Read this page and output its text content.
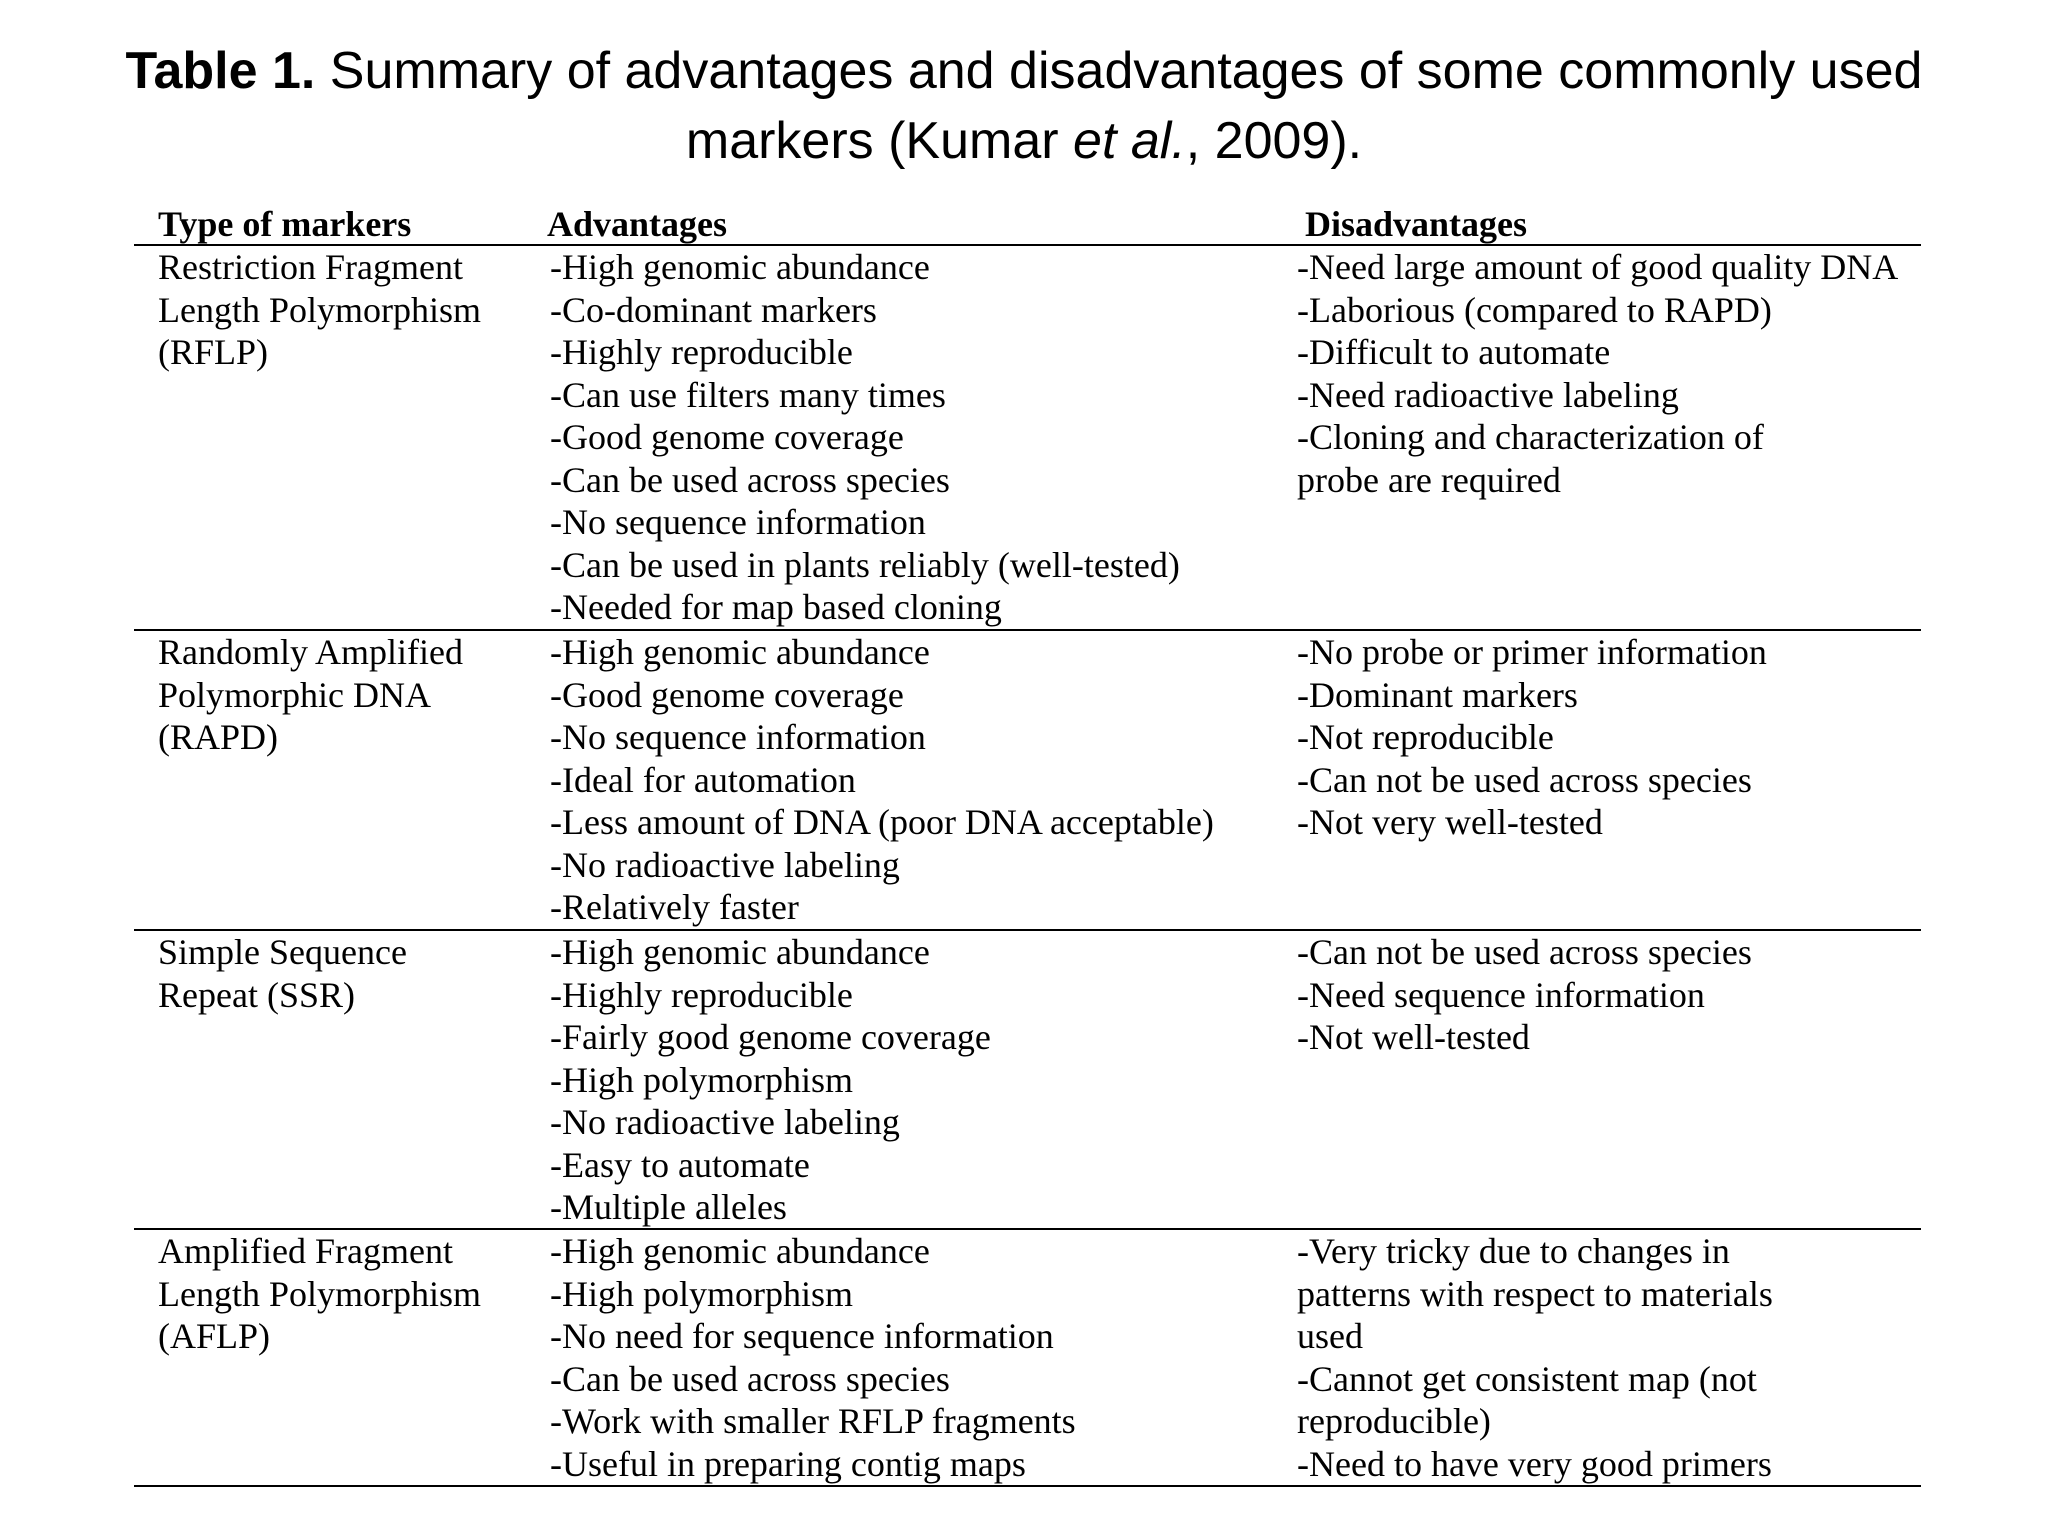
Table 1. Summary of advantages and disadvantages of some commonly used markers (Kumar et al., 2009).
Type of markers	Advantages	Disadvantages
Restriction Fragment
Length Polymorphism
(RFLP)
-High genomic abundance
-Co-dominant markers
-Highly reproducible
-Can use filters many times
-Good genome coverage
-Can be used across species
-No sequence information
-Can be used in plants reliably (well-tested)
-Needed for map based cloning
-Need large amount of good quality DNA
-Laborious (compared to RAPD)
-Difficult to automate
-Need radioactive labeling
-Cloning and characterization of
probe are required
Randomly Amplified
Polymorphic DNA
(RAPD)
-High genomic abundance
-Good genome coverage
-No sequence information
-Ideal for automation
-Less amount of DNA (poor DNA acceptable)
-No radioactive labeling
-Relatively faster
-No probe or primer information
-Dominant markers
-Not reproducible
-Can not be used across species
-Not very well-tested
Simple Sequence
Repeat (SSR)
-High genomic abundance
-Highly reproducible
-Fairly good genome coverage
-High polymorphism
-No radioactive labeling
-Easy to automate
-Multiple alleles
-Can not be used across species
-Need sequence information
-Not well-tested
Amplified Fragment
Length Polymorphism
(AFLP)
-High genomic abundance
-High polymorphism
-No need for sequence information
-Can be used across species
-Work with smaller RFLP fragments
-Useful in preparing contig maps
-Very tricky due to changes in
patterns with respect to materials
used
-Cannot get consistent map (not
reproducible)
-Need to have very good primers
